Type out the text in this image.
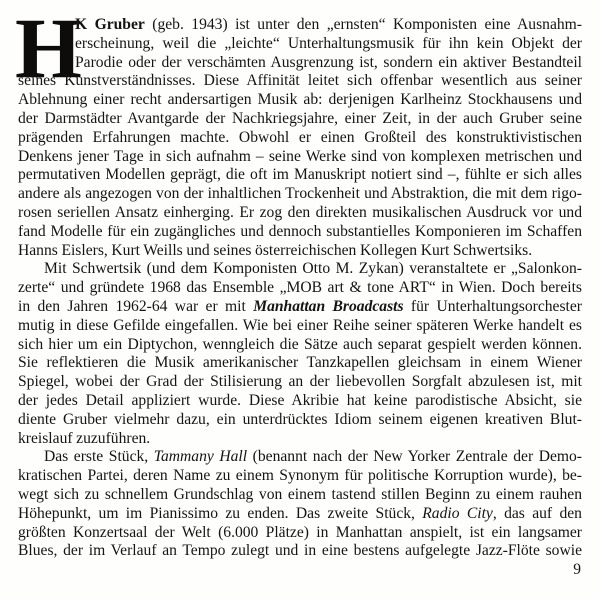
H
K Gruber (geb. 1943) ist unter den „ernsten“ Komponisten eine Ausnahm-
erscheinung, weil die „leichte“ Unterhaltungsmusik für ihn kein Objekt der
Parodie oder der verschämten Ausgrenzung ist, sondern ein aktiver Bestandteil
seines Kunstverständnisses. Diese Affinität leitet sich offenbar wesentlich aus seiner
Ablehnung einer recht andersartigen Musik ab: derjenigen Karlheinz Stockhausens und
der Darmstädter Avantgarde der Nachkriegsjahre, einer Zeit, in der auch Gruber seine
prägenden Erfahrungen machte. Obwohl er einen Großteil des konstruktivistischen
Denkens jener Tage in sich aufnahm – seine Werke sind von komplexen metrischen und
permutativen Modellen geprägt, die oft im Manuskript notiert sind –, fühlte er sich alles
andere als angezogen von der inhaltlichen Trockenheit und Abstraktion, die mit dem rigo-
rosen seriellen Ansatz einherging. Er zog den direkten musikalischen Ausdruck vor und
fand Modelle für ein zugängliches und dennoch substantielles Komponieren im Schaffen
Hanns Eislers, Kurt Weills und seines österreichischen Kollegen Kurt Schwertsiks.
Mit Schwertsik (und dem Komponisten Otto M. Zykan) veranstaltete er „Salonkon-
zerte“ und gründete 1968 das Ensemble „MOB art & tone ART“ in Wien. Doch bereits
in den Jahren 1962-64 war er mit Manhattan Broadcasts für Unterhaltungsorchester
mutig in diese Gefilde eingefallen. Wie bei einer Reihe seiner späteren Werke handelt es
sich hier um ein Diptychon, wenngleich die Sätze auch separat gespielt werden können.
Sie reflektieren die Musik amerikanischer Tanzkapellen gleichsam in einem Wiener
Spiegel, wobei der Grad der Stilisierung an der liebevollen Sorgfalt abzulesen ist, mit
der jedes Detail appliziert wurde. Diese Akribie hat keine parodistische Absicht, sie
diente Gruber vielmehr dazu, ein unterdrücktes Idiom seinem eigenen kreativen Blut-
kreislauf zuzuführen.
Das erste Stück, Tammany Hall (benannt nach der New Yorker Zentrale der Demo-
kratischen Partei, deren Name zu einem Synonym für politische Korruption wurde), be-
wegt sich zu schnellem Grundschlag von einem tastend stillen Beginn zu einem rauhen
Höhepunkt, um im Pianissimo zu enden. Das zweite Stück, Radio City, das auf den
größten Konzertsaal der Welt (6.000 Plätze) in Manhattan anspielt, ist ein langsamer
Blues, der im Verlauf an Tempo zulegt und in eine bestens aufgelegte Jazz-Flöte sowie
9
